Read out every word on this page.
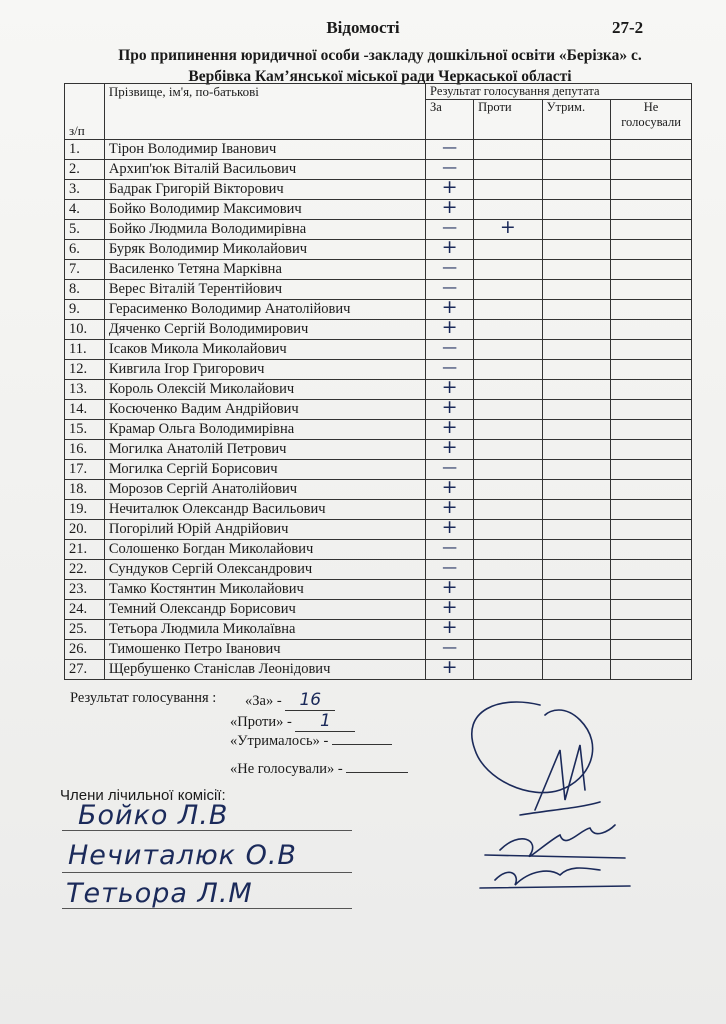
Відомості	27-2
Про припинення юридичної особи -закладу дошкільної освіти «Берізка» с.
Вербівка Кам’янської міської ради Черкаської області
з/п	Прізвище, ім'я, по-батькові	Результат голосування депутата			
		За	Проти	Утрим.	Не голосували
1.	Тірон Володимир Іванович	—			

2.	Архип'юк Віталій Васильович	—			

3.	Бадрак Григорій Вікторович	+			

4.	Бойко Володимир Максимович	+			

5.	Бойко Людмила Володимирівна	—	+		

6.	Буряк Володимир Миколайович	+			

7.	Василенко Тетяна Марківна	—			

8.	Верес Віталій Терентійович	—			

9.	Герасименко Володимир Анатолійович	+			

10.	Дяченко Сергій Володимирович	+			

11.	Ісаков Микола Миколайович	—			

12.	Кивгила Ігор Григорович	—			

13.	Король Олексій Миколайович	+			

14.	Косюченко Вадим Андрійович	+			

15.	Крамар Ольга Володимирівна	+			

16.	Могилка Анатолій Петрович	+			

17.	Могилка Сергій Борисович	—			

18.	Морозов Сергій Анатолійович	+			

19.	Нечиталюк Олександр Васильович	+			

20.	Погорілий Юрій Андрійович	+			

21.	Солошенко Богдан Миколайович	—			

22.	Сундуков Сергій Олександрович	—			

23.	Тамко Костянтин Миколайович	+			

24.	Темний Олександр Борисович	+			

25.	Тетьора Людмила Миколаївна	+			

26.	Тимошенко Петро Іванович	—			

27.	Щербушенко Станіслав Леонідович	+			

Результат голосування : «За» - 16
«Проти» - 1
«Утрималось» -
«Не голосували» -
Члени лічильної комісії:
Бойко Л.В
Нечиталюк О.В
Тетьора Л.М
